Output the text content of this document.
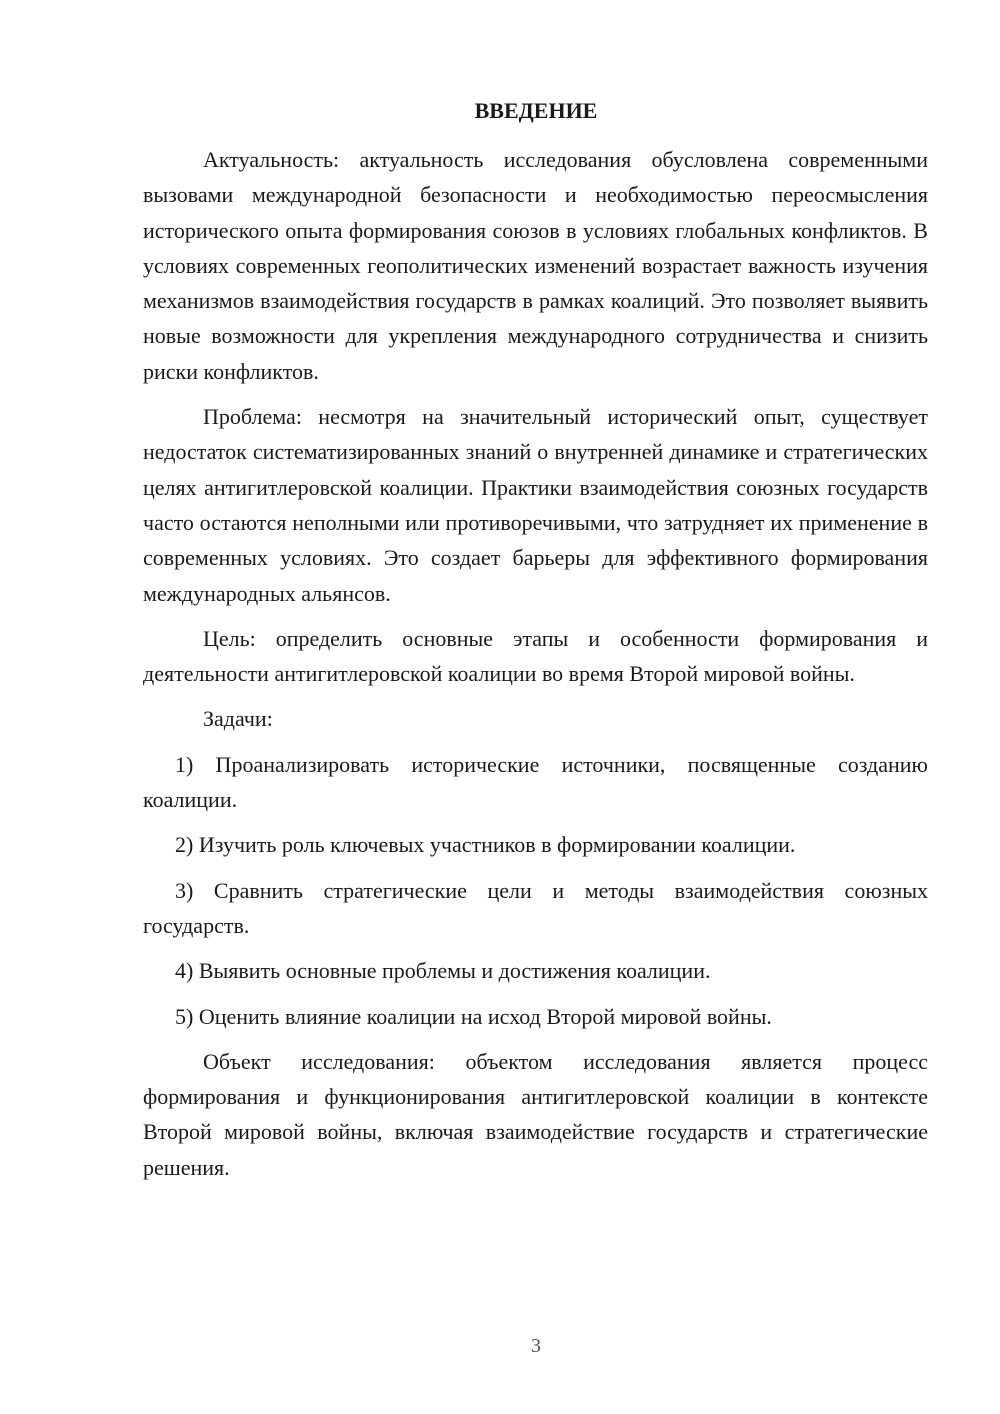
ВВЕДЕНИЕ

Актуальность: актуальность исследования обусловлена современными вызовами международной безопасности и необходимостью переосмысления исторического опыта формирования союзов в условиях глобальных конфликтов. В условиях современных геополитических изменений возрастает важность изучения механизмов взаимодействия государств в рамках коалиций. Это позволяет выявить новые возможности для укрепления международного сотрудничества и снизить риски конфликтов.

Проблема: несмотря на значительный исторический опыт, существует недостаток систематизированных знаний о внутренней динамике и стратегических целях антигитлеровской коалиции. Практики взаимодействия союзных государств часто остаются неполными или противоречивыми, что затрудняет их применение в современных условиях. Это создает барьеры для эффективного формирования международных альянсов.

Цель: определить основные этапы и особенности формирования и деятельности антигитлеровской коалиции во время Второй мировой войны.

Задачи:

1) Проанализировать исторические источники, посвященные созданию коалиции.

2) Изучить роль ключевых участников в формировании коалиции.

3) Сравнить стратегические цели и методы взаимодействия союзных государств.

4) Выявить основные проблемы и достижения коалиции.

5) Оценить влияние коалиции на исход Второй мировой войны.

Объект исследования: объектом исследования является процесс формирования и функционирования антигитлеровской коалиции в контексте Второй мировой войны, включая взаимодействие государств и стратегические решения.

3
